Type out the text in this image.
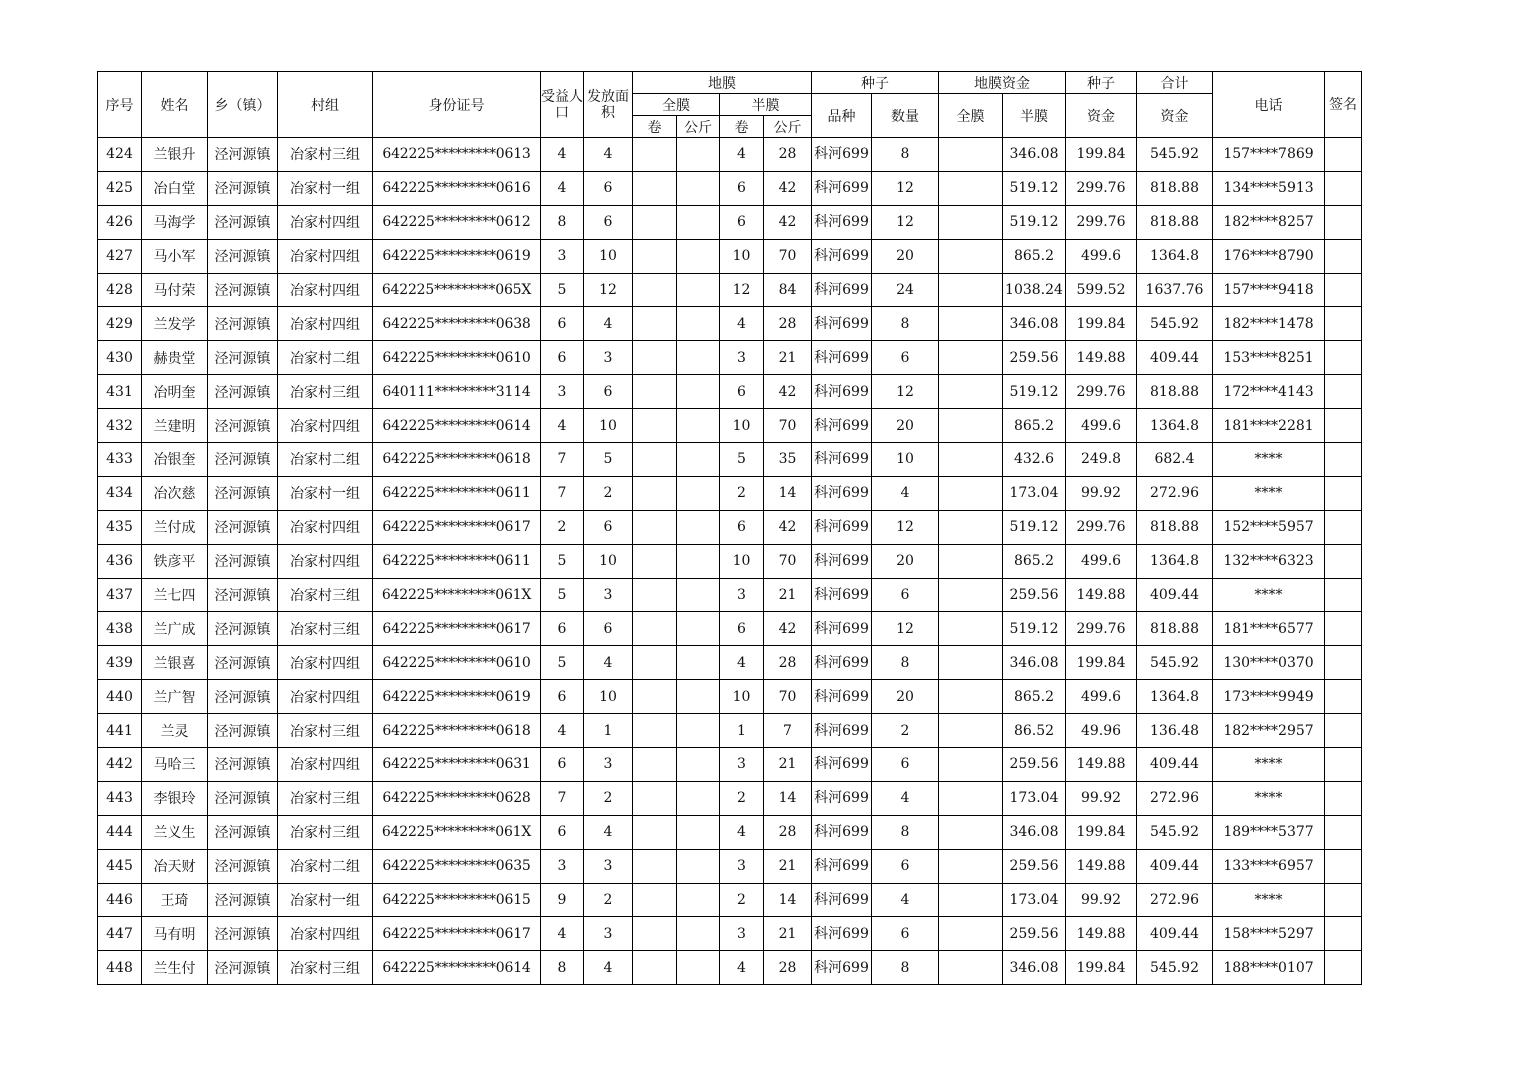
序号	姓名	乡（镇）	村组	身份证号	受益人口	发放面积	地膜				种子		地膜资金		种子	合计	电话	签名
							全膜		半膜		品种	数量	全膜	半膜	资金	资金		
							卷	公斤	卷	公斤								
424	兰银升	泾河源镇	冶家村三组	642225*********0613	4	4			4	28	科河699	8		346.08	199.84	545.92	157****7869	
425	冶白堂	泾河源镇	冶家村一组	642225*********0616	4	6			6	42	科河699	12		519.12	299.76	818.88	134****5913	
426	马海学	泾河源镇	冶家村四组	642225*********0612	8	6			6	42	科河699	12		519.12	299.76	818.88	182****8257	
427	马小军	泾河源镇	冶家村四组	642225*********0619	3	10			10	70	科河699	20		865.2	499.6	1364.8	176****8790	
428	马付荣	泾河源镇	冶家村四组	642225*********065X	5	12			12	84	科河699	24		1038.24	599.52	1637.76	157****9418	
429	兰发学	泾河源镇	冶家村四组	642225*********0638	6	4			4	28	科河699	8		346.08	199.84	545.92	182****1478	
430	赫贵堂	泾河源镇	冶家村二组	642225*********0610	6	3			3	21	科河699	6		259.56	149.88	409.44	153****8251	
431	冶明奎	泾河源镇	冶家村三组	640111*********3114	3	6			6	42	科河699	12		519.12	299.76	818.88	172****4143	
432	兰建明	泾河源镇	冶家村四组	642225*********0614	4	10			10	70	科河699	20		865.2	499.6	1364.8	181****2281	
433	冶银奎	泾河源镇	冶家村二组	642225*********0618	7	5			5	35	科河699	10		432.6	249.8	682.4	****	
434	冶次慈	泾河源镇	冶家村一组	642225*********0611	7	2			2	14	科河699	4		173.04	99.92	272.96	****	
435	兰付成	泾河源镇	冶家村四组	642225*********0617	2	6			6	42	科河699	12		519.12	299.76	818.88	152****5957	
436	铁彦平	泾河源镇	冶家村四组	642225*********0611	5	10			10	70	科河699	20		865.2	499.6	1364.8	132****6323	
437	兰七四	泾河源镇	冶家村三组	642225*********061X	5	3			3	21	科河699	6		259.56	149.88	409.44	****	
438	兰广成	泾河源镇	冶家村三组	642225*********0617	6	6			6	42	科河699	12		519.12	299.76	818.88	181****6577	
439	兰银喜	泾河源镇	冶家村四组	642225*********0610	5	4			4	28	科河699	8		346.08	199.84	545.92	130****0370	
440	兰广智	泾河源镇	冶家村四组	642225*********0619	6	10			10	70	科河699	20		865.2	499.6	1364.8	173****9949	
441	兰灵	泾河源镇	冶家村三组	642225*********0618	4	1			1	7	科河699	2		86.52	49.96	136.48	182****2957	
442	马哈三	泾河源镇	冶家村四组	642225*********0631	6	3			3	21	科河699	6		259.56	149.88	409.44	****	
443	李银玲	泾河源镇	冶家村三组	642225*********0628	7	2			2	14	科河699	4		173.04	99.92	272.96	****	
444	兰义生	泾河源镇	冶家村三组	642225*********061X	6	4			4	28	科河699	8		346.08	199.84	545.92	189****5377	
445	冶天财	泾河源镇	冶家村二组	642225*********0635	3	3			3	21	科河699	6		259.56	149.88	409.44	133****6957	
446	王琦	泾河源镇	冶家村一组	642225*********0615	9	2			2	14	科河699	4		173.04	99.92	272.96	****	
447	马有明	泾河源镇	冶家村四组	642225*********0617	4	3			3	21	科河699	6		259.56	149.88	409.44	158****5297	
448	兰生付	泾河源镇	冶家村三组	642225*********0614	8	4			4	28	科河699	8		346.08	199.84	545.92	188****0107	
